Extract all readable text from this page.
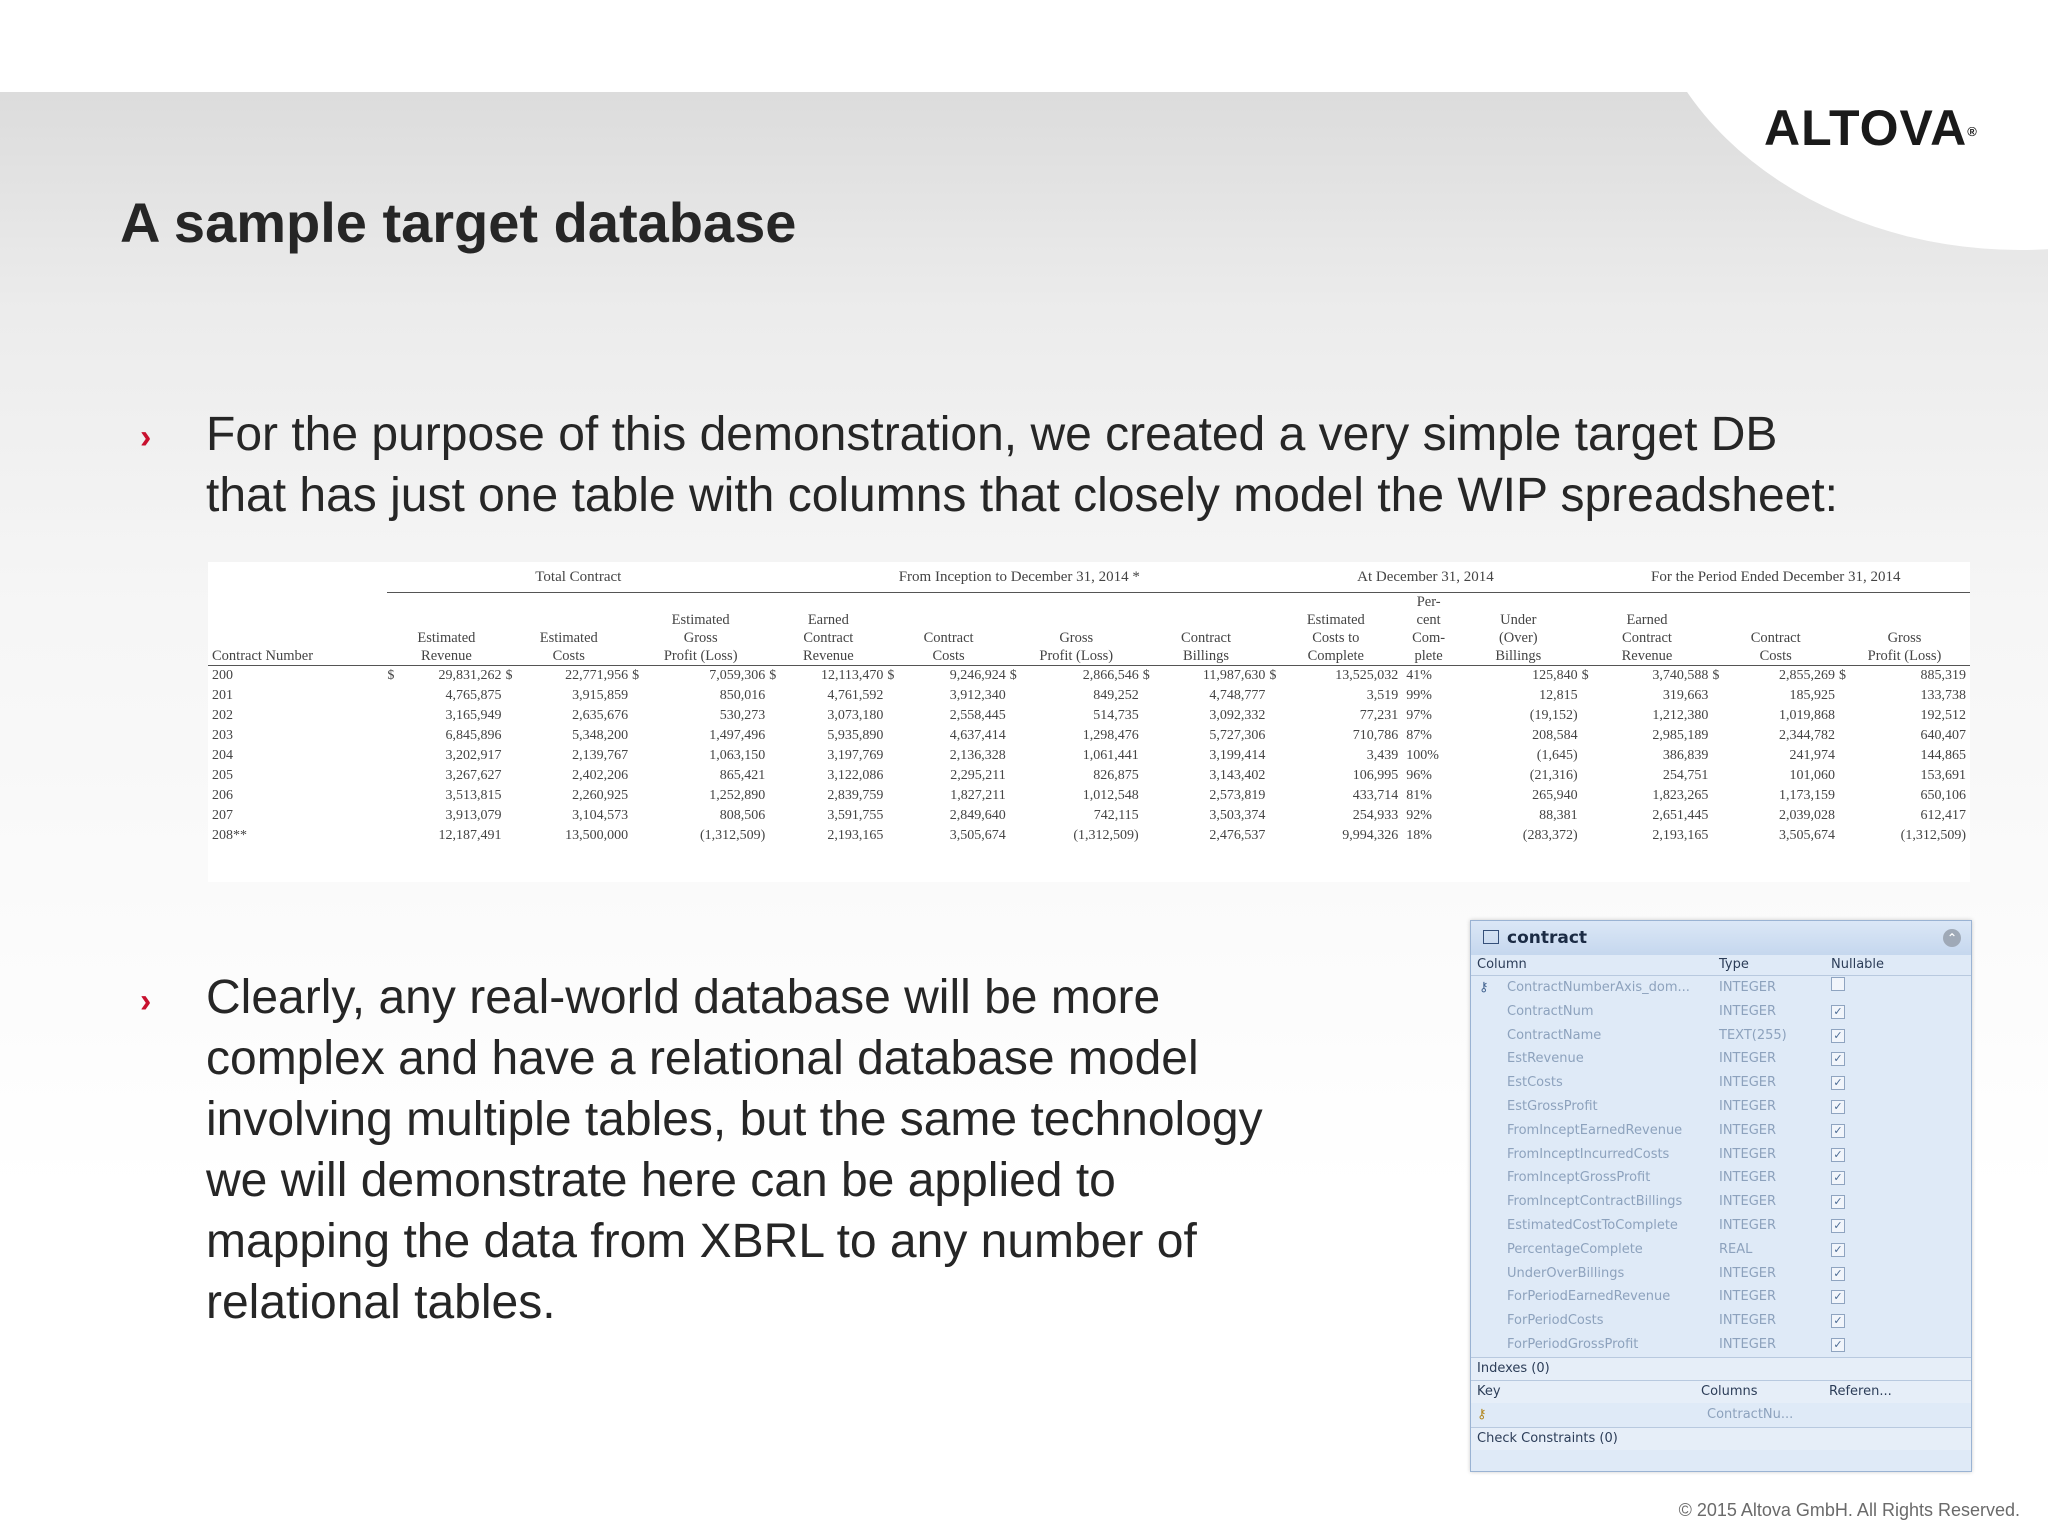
ALTOVA®
A sample target database
› For the purpose of this demonstration, we created a very simple target DB
that has just one table with columns that closely model the WIP spreadsheet:
	Total Contract						From Inception to December 31, 2014 *								At December 31, 2014					For the Period Ended December 31, 2014					
																	Per-								
					Estimated		Earned								Estimated		cent	Under		Earned					
	Estimated		Estimated		Gross		Contract		Contract		Gross		Contract		Costs to		Com-	(Over)		Contract		Contract		Gross	
Contract Number	Revenue		Costs		Profit (Loss)		Revenue		Costs		Profit (Loss)		Billings		Complete		plete	Billings		Revenue		Costs		Profit (Loss)	
200	$	29,831,262	$	22,771,956	$	7,059,306	$	12,113,470	$	9,246,924	$	2,866,546	$	11,987,630	$	13,525,032	41%		125,840	$	3,740,588	$	2,855,269	$	885,319
201		4,765,875		3,915,859		850,016		4,761,592		3,912,340		849,252		4,748,777		3,519	99%		12,815		319,663		185,925		133,738
202		3,165,949		2,635,676		530,273		3,073,180		2,558,445		514,735		3,092,332		77,231	97%		(19,152)		1,212,380		1,019,868		192,512
203		6,845,896		5,348,200		1,497,496		5,935,890		4,637,414		1,298,476		5,727,306		710,786	87%		208,584		2,985,189		2,344,782		640,407
204		3,202,917		2,139,767		1,063,150		3,197,769		2,136,328		1,061,441		3,199,414		3,439	100%		(1,645)		386,839		241,974		144,865
205		3,267,627		2,402,206		865,421		3,122,086		2,295,211		826,875		3,143,402		106,995	96%		(21,316)		254,751		101,060		153,691
206		3,513,815		2,260,925		1,252,890		2,839,759		1,827,211		1,012,548		2,573,819		433,714	81%		265,940		1,823,265		1,173,159		650,106
207		3,913,079		3,104,573		808,506		3,591,755		2,849,640		742,115		3,503,374		254,933	92%		88,381		2,651,445		2,039,028		612,417
208**		12,187,491		13,500,000		(1,312,509)		2,193,165		3,505,674		(1,312,509)		2,476,537		9,994,326	18%		(283,372)		2,193,165		3,505,674		(1,312,509)
› Clearly, any real-world database will be more
complex and have a relational database model
involving multiple tables, but the same technology
we will demonstrate here can be applied to
mapping the data from XBRL to any number of
relational tables.
contract	⌃
Column	Type	Nullable
⚷ ContractNumberAxis_dom... INTEGER
ContractNum	INTEGER	✓
ContractName	TEXT(255)	✓
EstRevenue	INTEGER	✓
EstCosts	INTEGER	✓
EstGrossProfit	INTEGER	✓
FromInceptEarnedRevenue	INTEGER	✓
FromInceptIncurredCosts	INTEGER	✓
FromInceptGrossProfit	INTEGER	✓
FromInceptContractBillings	INTEGER	✓
EstimatedCostToComplete	INTEGER	✓
PercentageComplete	REAL	✓
UnderOverBillings	INTEGER	✓
ForPeriodEarnedRevenue	INTEGER	✓
ForPeriodCosts	INTEGER	✓
ForPeriodGrossProfit	INTEGER	✓
Indexes (0)
Key	Columns	Referen...
⚷	ContractNu...
Check Constraints (0)
© 2015 Altova GmbH. All Rights Reserved.
